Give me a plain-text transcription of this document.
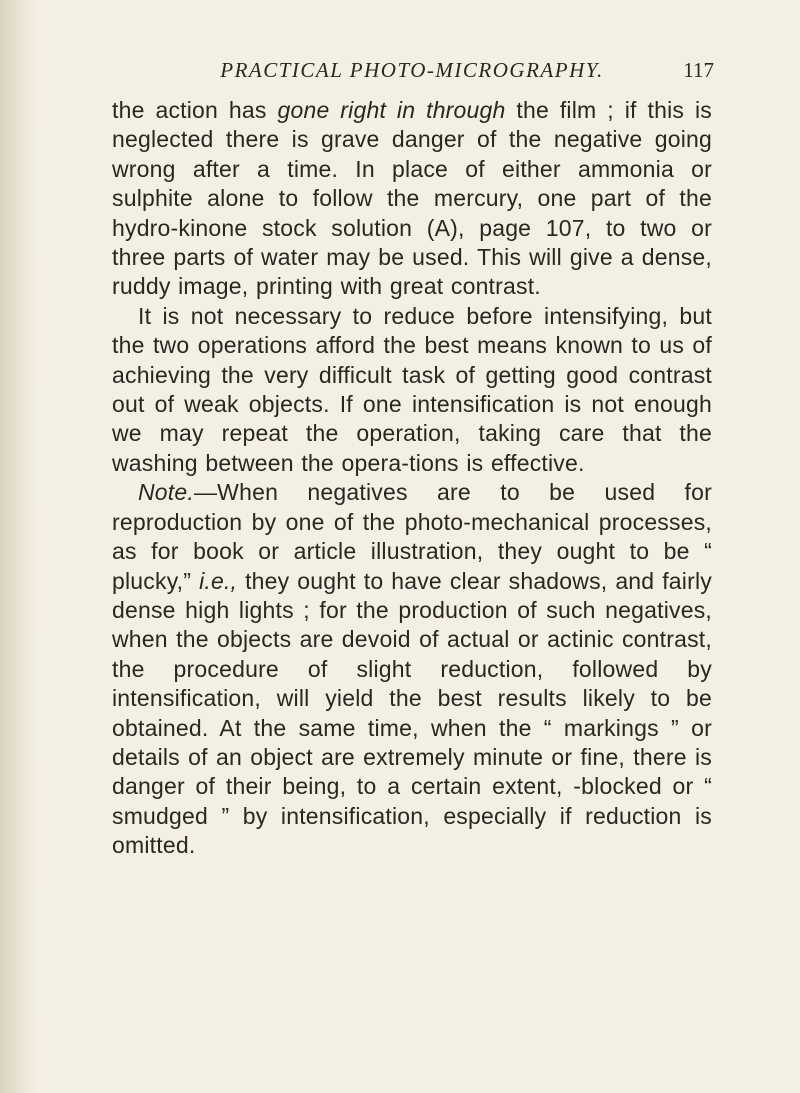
PRACTICAL PHOTO-MICROGRAPHY.	117

the action has gone right in through the film ; if this is neglected there is grave danger of the negative going wrong after a time. In place of either ammonia or sulphite alone to follow the mercury, one part of the hydro-kinone stock solution (A), page 107, to two or three parts of water may be used. This will give a dense, ruddy image, printing with great contrast.

It is not necessary to reduce before intensifying, but the two operations afford the best means known to us of achieving the very difficult task of getting good contrast out of weak objects. If one intensification is not enough we may repeat the operation, taking care that the washing between the opera-tions is effective.

Note.—When negatives are to be used for reproduction by one of the photo-mechanical processes, as for book or article illustration, they ought to be “ plucky,” i.e., they ought to have clear shadows, and fairly dense high lights ; for the production of such negatives, when the objects are devoid of actual or actinic contrast, the procedure of slight reduction, followed by intensification, will yield the best results likely to be obtained. At the same time, when the “ markings ” or details of an object are extremely minute or fine, there is danger of their being, to a certain extent, -blocked or “ smudged ” by intensification, especially if reduction is omitted.
